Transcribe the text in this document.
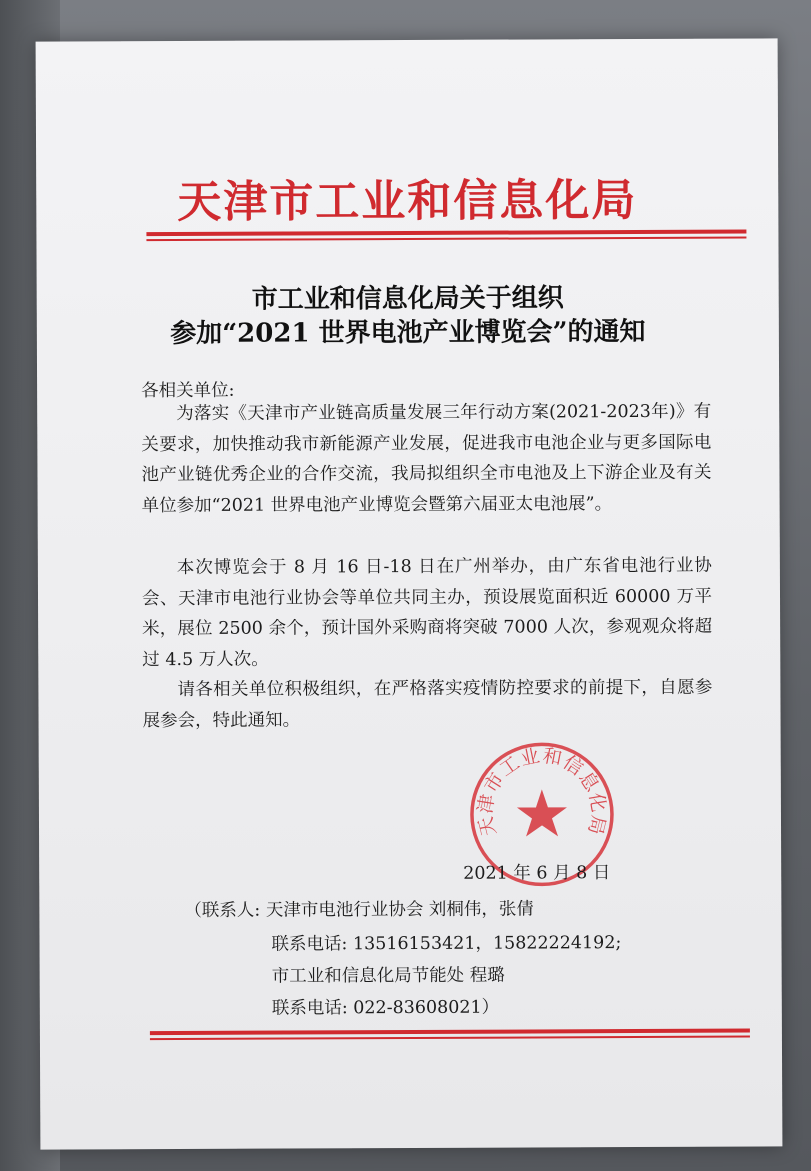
天津市工业和信息化局
市工业和信息化局关于组织
参加“2021 世界电池产业博览会”的通知
各相关单位:
为落实《天津市产业链高质量发展三年行动方案(2021-2023年)》有关要求，加快推动我市新能源产业发展，促进我市电池企业与更多国际电池产业链优秀企业的合作交流，我局拟组织全市电池及上下游企业及有关单位参加“2021 世界电池产业博览会暨第六届亚太电池展”。
本次博览会于 8 月 16 日-18 日在广州举办，由广东省电池行业协会、天津市电池行业协会等单位共同主办，预设展览面积近 60000 万平米，展位 2500 余个，预计国外采购商将突破 7000 人次，参观观众将超过 4.5 万人次。
请各相关单位积极组织，在严格落实疫情防控要求的前提下，自愿参展参会，特此通知。
天津市工业和信息化局
2021 年 6 月 8 日
（联系人: 天津市电池行业协会 刘桐伟，张倩
联系电话: 13516153421，15822224192;
市工业和信息化局节能处 程璐
联系电话: 022-83608021）
